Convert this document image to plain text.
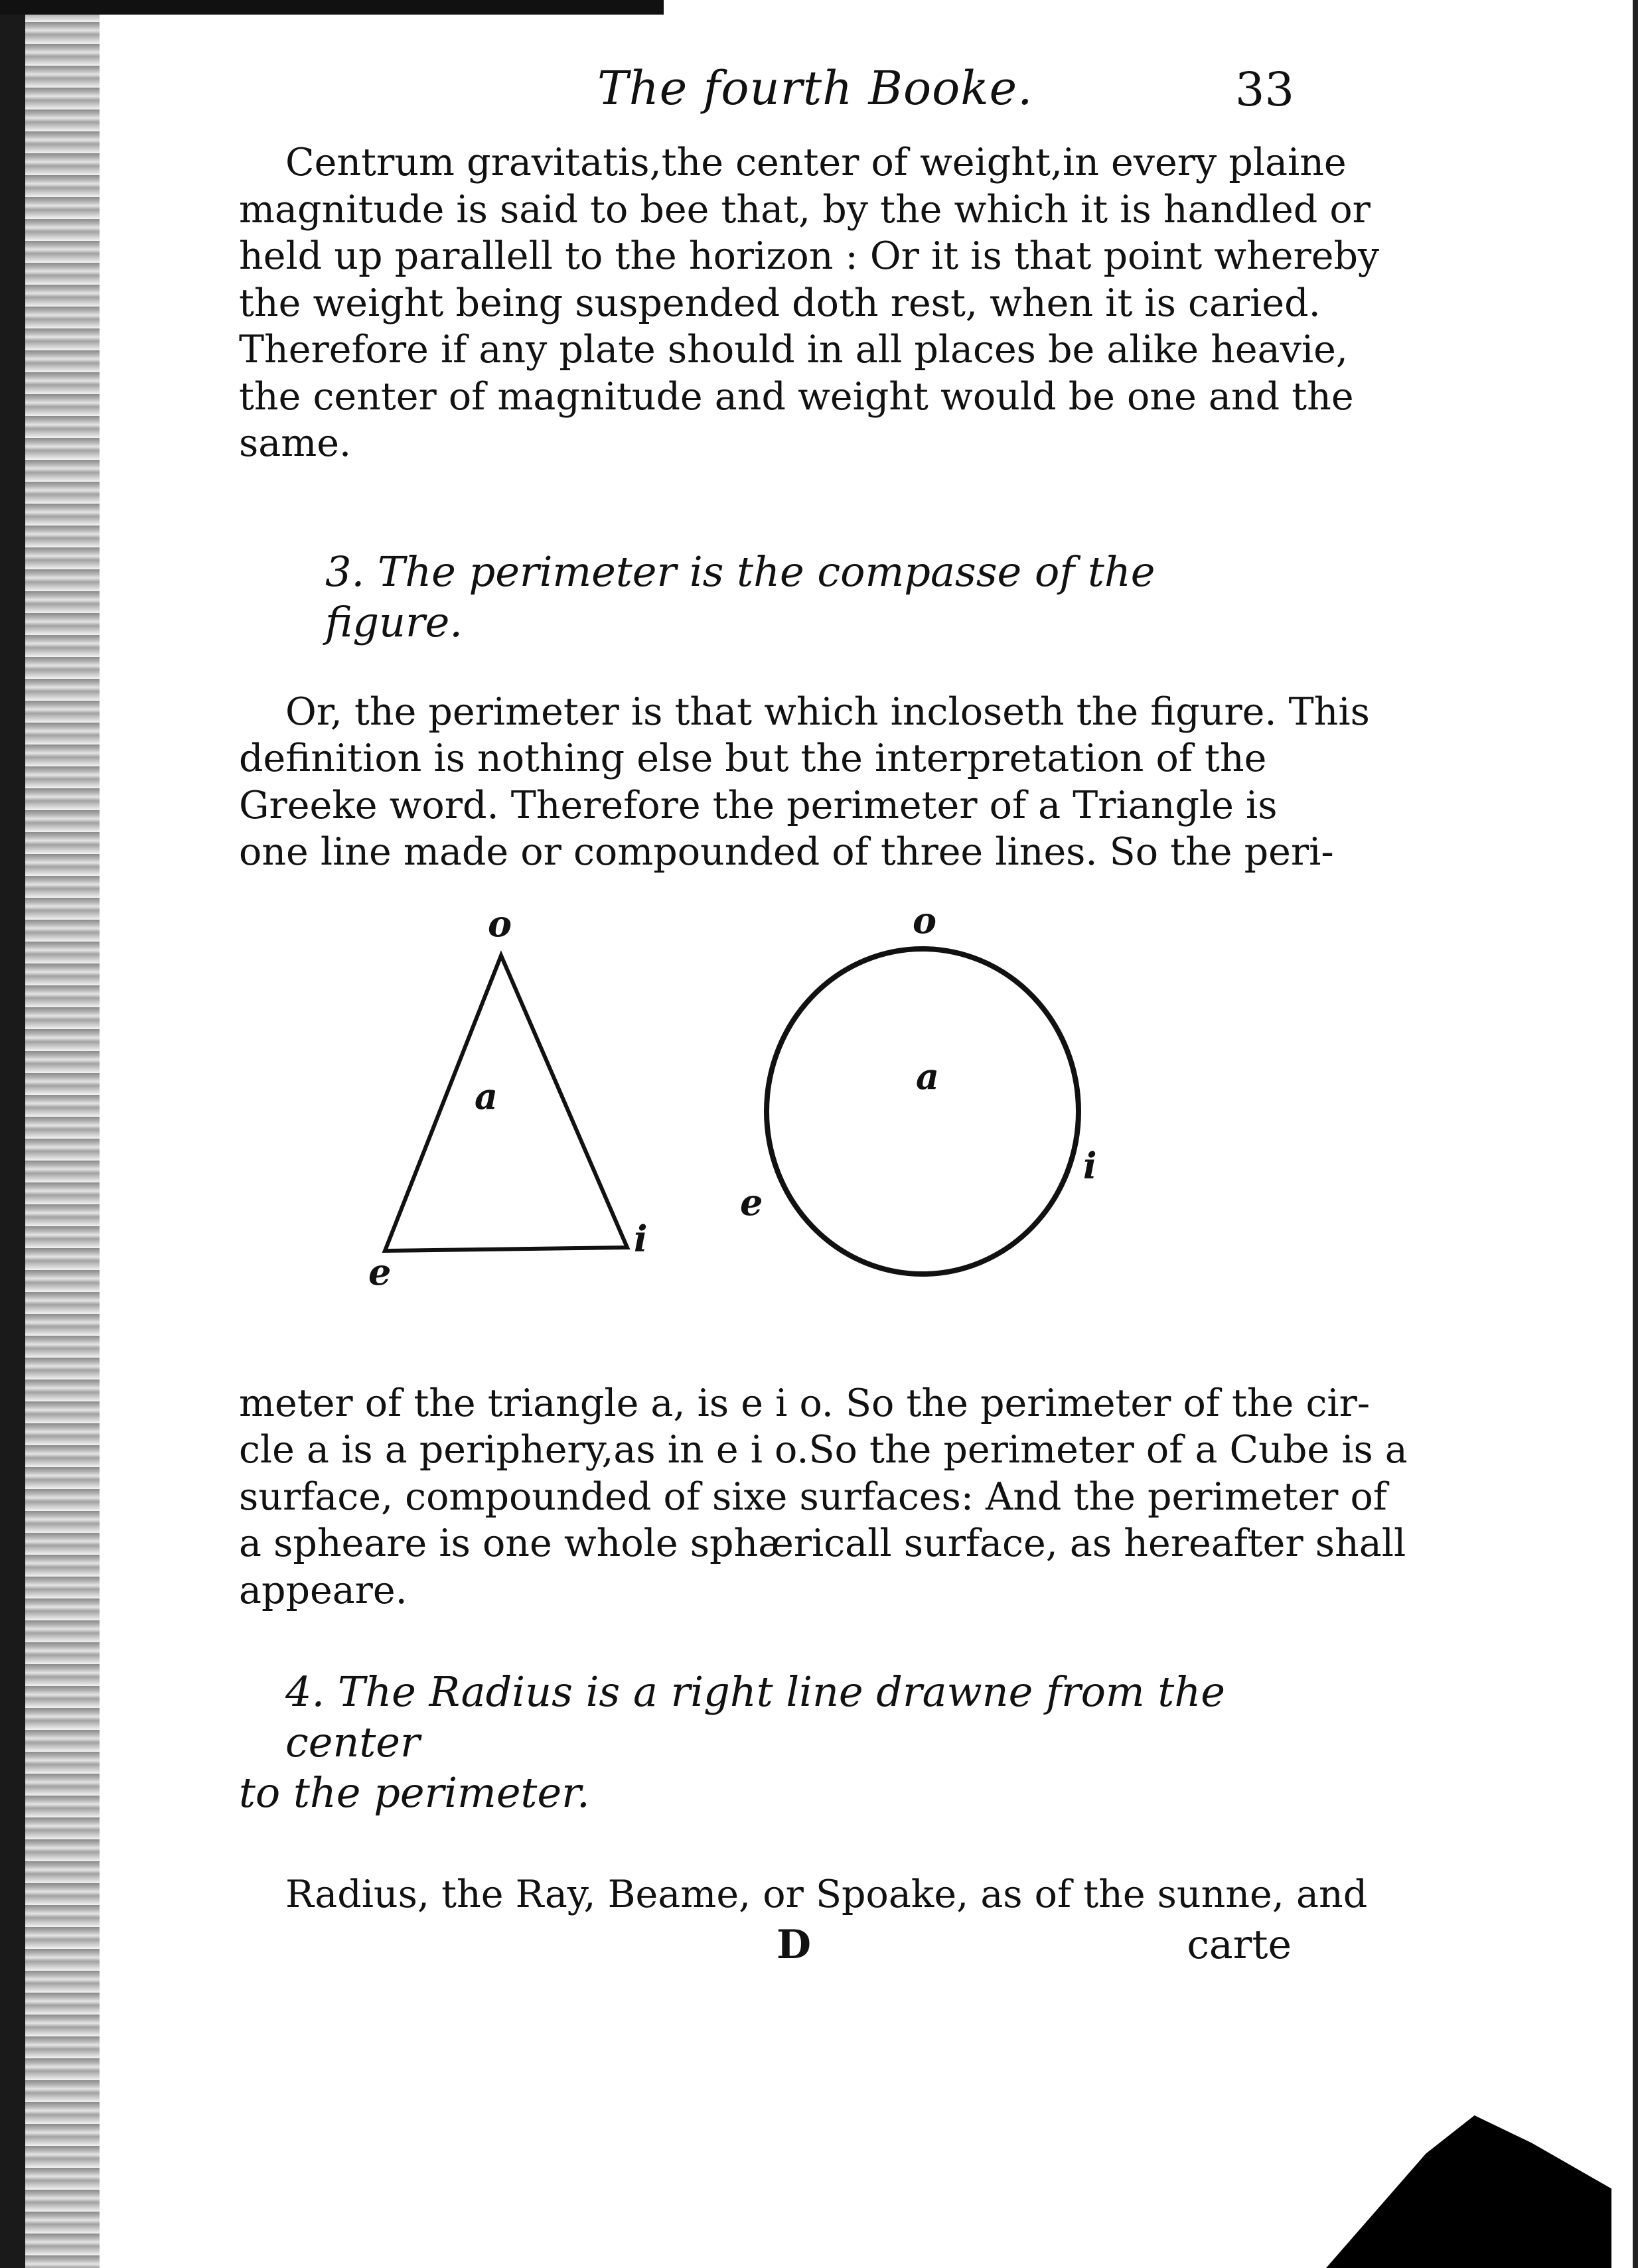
The fourth Booke.	33

Centrum gravitatis,the center of weight,in every plaine
magnitude is said to bee that, by the which it is handled or
held up parallell to the horizon : Or it is that point whereby
the weight being suspended doth rest, when it is caried.
Therefore if any plate should in all places be alike heavie,
the center of magnitude and weight would be one and the
same.

3. The perimeter is the compasse of the figure.

Or, the perimeter is that which incloseth the figure. This
definition is nothing else but the interpretation of the
Greeke word. Therefore the perimeter of a Triangle is
one line made or compounded of three lines. So the peri-

o
a
e
i
o
a
e
i

meter of the triangle a, is e i o. So the perimeter of the cir-
cle a is a periphery,as in e i o.So the perimeter of a Cube is a
surface, compounded of sixe surfaces: And the perimeter of
a spheare is one whole sphæricall surface, as hereafter shall
appeare.

4. The Radius is a right line drawne from the center
to the perimeter.

Radius, the Ray, Beame, or Spoake, as of the sunne, and

D	carte
